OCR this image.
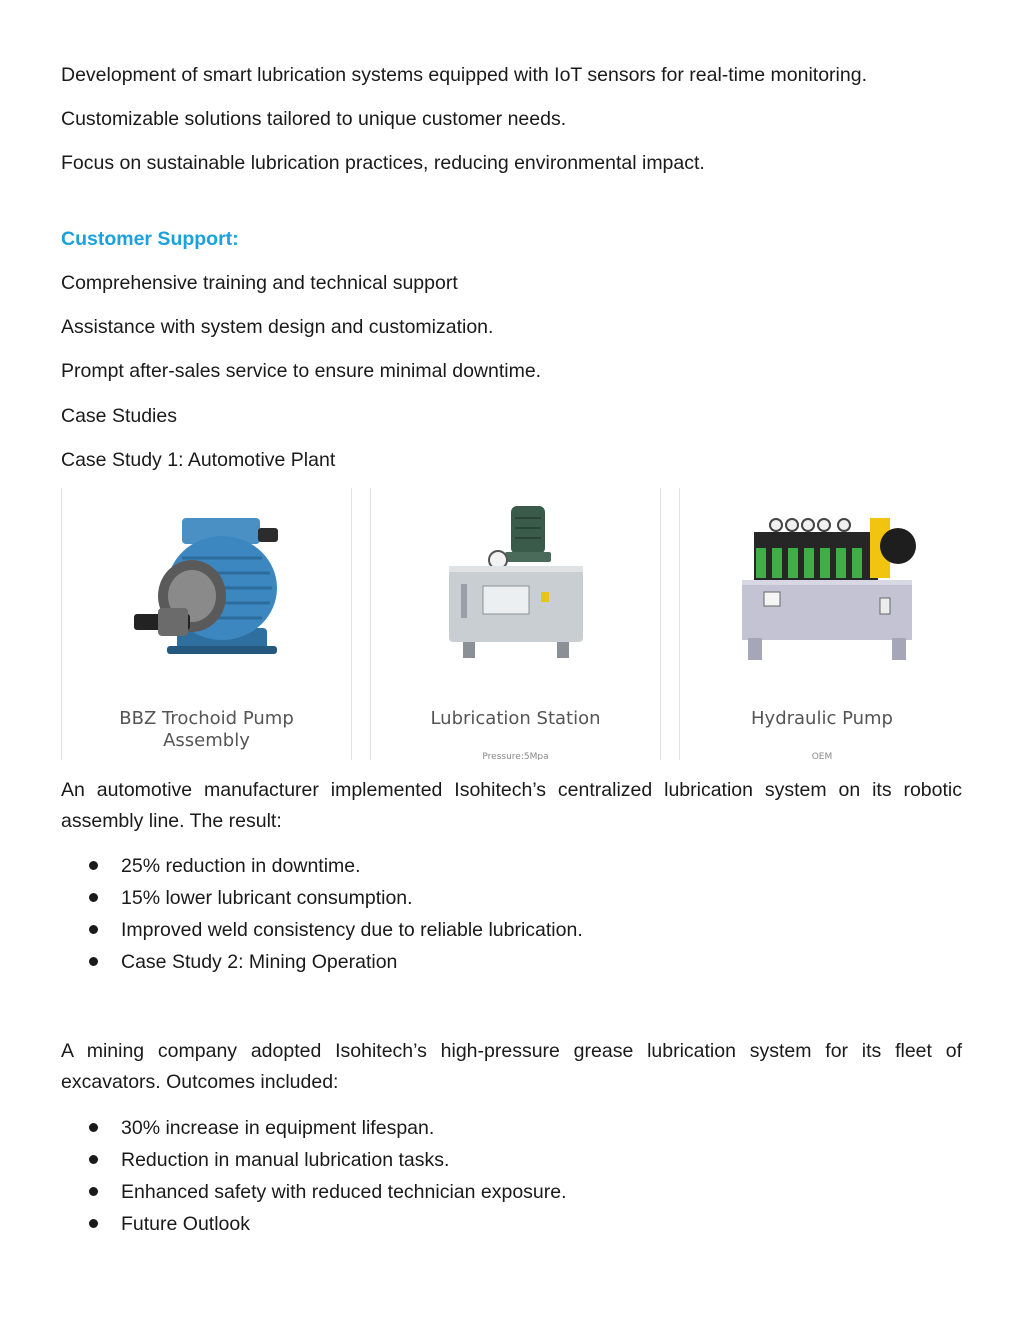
Development of smart lubrication systems equipped with IoT sensors for real-time monitoring.
Customizable solutions tailored to unique customer needs.
Focus on sustainable lubrication practices, reducing environmental impact.
Customer Support:
Comprehensive training and technical support
Assistance with system design and customization.
Prompt after-sales service to ensure minimal downtime.
Case Studies
Case Study 1: Automotive Plant
BBZ Trochoid Pump
Assembly
Lubrication Station
Pressure:5Mpa
Hydraulic Pump
OEM
An automotive manufacturer implemented Isohitech’s centralized lubrication system on its robotic assembly line. The result:
25% reduction in downtime.
15% lower lubricant consumption.
Improved weld consistency due to reliable lubrication.
Case Study 2: Mining Operation
A mining company adopted Isohitech’s high-pressure grease lubrication system for its fleet of excavators. Outcomes included:
30% increase in equipment lifespan.
Reduction in manual lubrication tasks.
Enhanced safety with reduced technician exposure.
Future Outlook
